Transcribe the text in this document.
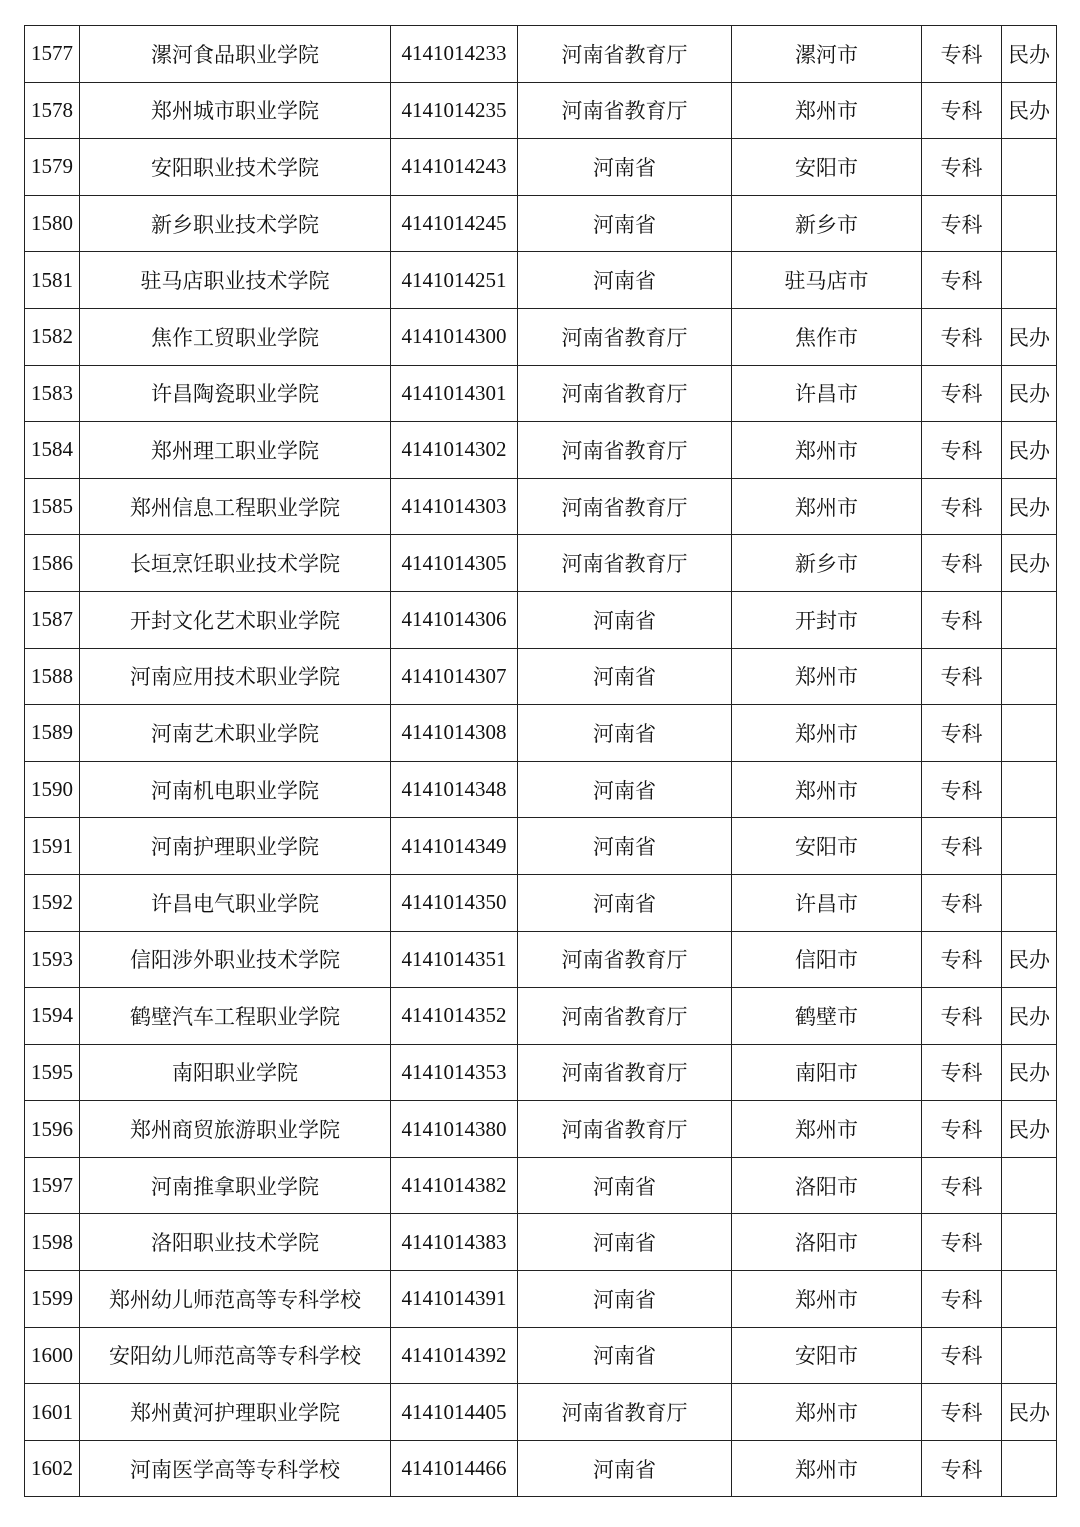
1577	漯河食品职业学院	4141014233	河南省教育厅	漯河市	专科	民办
1578	郑州城市职业学院	4141014235	河南省教育厅	郑州市	专科	民办
1579	安阳职业技术学院	4141014243	河南省	安阳市	专科	
1580	新乡职业技术学院	4141014245	河南省	新乡市	专科	
1581	驻马店职业技术学院	4141014251	河南省	驻马店市	专科	
1582	焦作工贸职业学院	4141014300	河南省教育厅	焦作市	专科	民办
1583	许昌陶瓷职业学院	4141014301	河南省教育厅	许昌市	专科	民办
1584	郑州理工职业学院	4141014302	河南省教育厅	郑州市	专科	民办
1585	郑州信息工程职业学院	4141014303	河南省教育厅	郑州市	专科	民办
1586	长垣烹饪职业技术学院	4141014305	河南省教育厅	新乡市	专科	民办
1587	开封文化艺术职业学院	4141014306	河南省	开封市	专科	
1588	河南应用技术职业学院	4141014307	河南省	郑州市	专科	
1589	河南艺术职业学院	4141014308	河南省	郑州市	专科	
1590	河南机电职业学院	4141014348	河南省	郑州市	专科	
1591	河南护理职业学院	4141014349	河南省	安阳市	专科	
1592	许昌电气职业学院	4141014350	河南省	许昌市	专科	
1593	信阳涉外职业技术学院	4141014351	河南省教育厅	信阳市	专科	民办
1594	鹤壁汽车工程职业学院	4141014352	河南省教育厅	鹤壁市	专科	民办
1595	南阳职业学院	4141014353	河南省教育厅	南阳市	专科	民办
1596	郑州商贸旅游职业学院	4141014380	河南省教育厅	郑州市	专科	民办
1597	河南推拿职业学院	4141014382	河南省	洛阳市	专科	
1598	洛阳职业技术学院	4141014383	河南省	洛阳市	专科	
1599	郑州幼儿师范高等专科学校	4141014391	河南省	郑州市	专科	
1600	安阳幼儿师范高等专科学校	4141014392	河南省	安阳市	专科	
1601	郑州黄河护理职业学院	4141014405	河南省教育厅	郑州市	专科	民办
1602	河南医学高等专科学校	4141014466	河南省	郑州市	专科	
